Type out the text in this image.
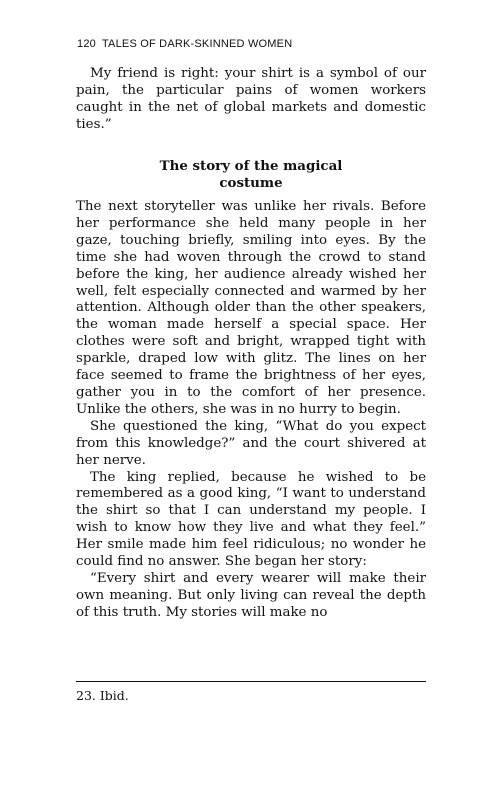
120 TALES OF DARK-SKINNED WOMEN

My friend is right: your shirt is a symbol of our pain, the particular pains of women workers caught in the net of global markets and domestic ties.”

The story of the magical
costume

The next storyteller was unlike her rivals. Before her performance she held many people in her gaze, touching briefly, smiling into eyes. By the time she had woven through the crowd to stand before the king, her audience already wished her well, felt especially connected and warmed by her attention. Although older than the other speakers, the woman made herself a special space. Her clothes were soft and bright, wrapped tight with sparkle, draped low with glitz. The lines on her face seemed to frame the brightness of her eyes, gather you in to the comfort of her presence. Unlike the others, she was in no hurry to begin.

She questioned the king, “What do you expect from this knowledge?” and the court shivered at her nerve.

The king replied, because he wished to be remembered as a good king, “I want to understand the shirt so that I can understand my people. I wish to know how they live and what they feel.” Her smile made him feel ridiculous; no wonder he could find no answer. She began her story:

“Every shirt and every wearer will make their own meaning. But only living can reveal the depth of this truth. My stories will make no

23. Ibid.
